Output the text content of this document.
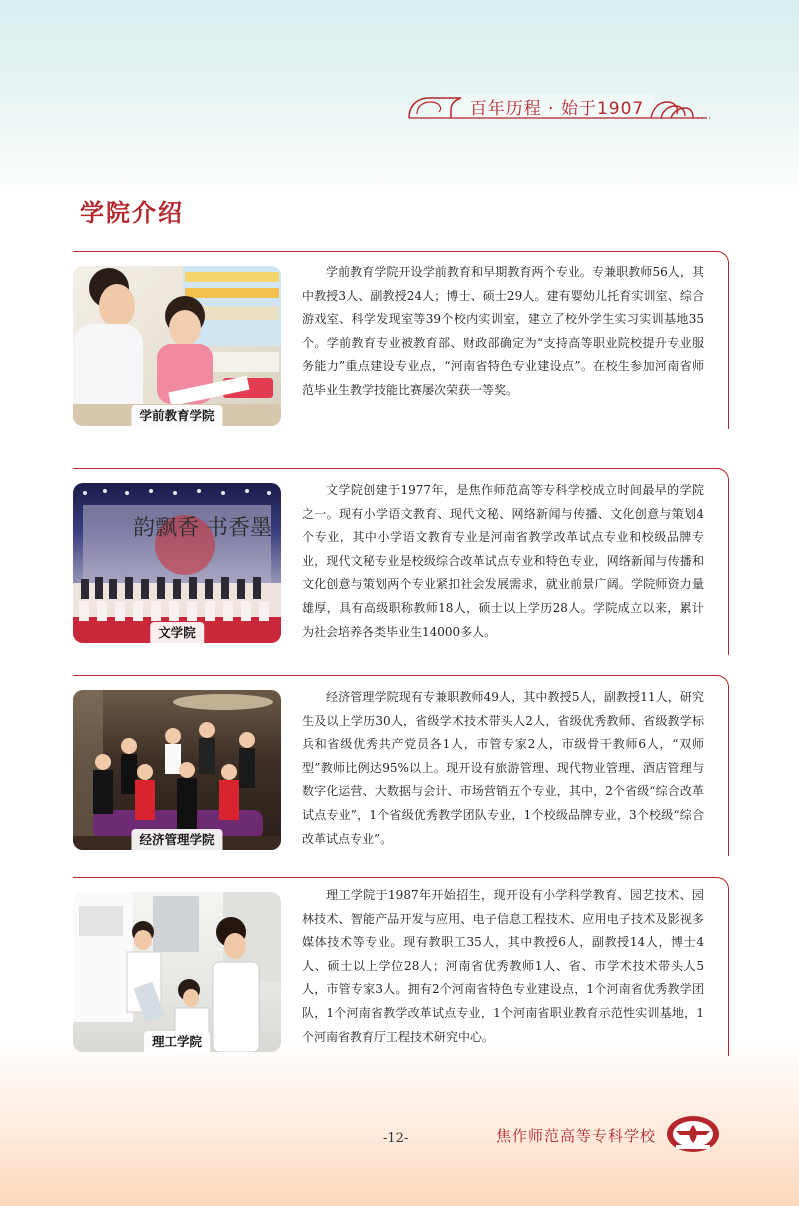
百年历程 · 始于1907
学院介绍
学前教育学院

学前教育学院开设学前教育和早期教育两个专业。专兼职教师56人，其中教授3人、副教授24人；博士、硕士29人。建有婴幼儿托育实训室、综合游戏室、科学发现室等39个校内实训室，建立了校外学生实习实训基地35个。学前教育专业被教育部、财政部确定为“支持高等职业院校提升专业服务能力”重点建设专业点，“河南省特色专业建设点”。在校生参加河南省师范毕业生教学技能比赛屡次荣获一等奖。

韵飘香 书香墨
文学院

文学院创建于1977年，是焦作师范高等专科学校成立时间最早的学院之一。现有小学语文教育、现代文秘、网络新闻与传播、文化创意与策划4个专业，其中小学语文教育专业是河南省教学改革试点专业和校级品牌专业，现代文秘专业是校级综合改革试点专业和特色专业，网络新闻与传播和文化创意与策划两个专业紧扣社会发展需求，就业前景广阔。学院师资力量雄厚，具有高级职称教师18人，硕士以上学历28人。学院成立以来，累计为社会培养各类毕业生14000多人。

经济管理学院

经济管理学院现有专兼职教师49人，其中教授5人，副教授11人，研究生及以上学历30人，省级学术技术带头人2人，省级优秀教师、省级教学标兵和省级优秀共产党员各1人，市管专家2人，市级骨干教师6人，“双师型”教师比例达95%以上。现开设有旅游管理、现代物业管理、酒店管理与数字化运营、大数据与会计、市场营销五个专业，其中，2个省级“综合改革试点专业”，1个省级优秀教学团队专业，1个校级品牌专业，3个校级“综合改革试点专业”。

理工学院

理工学院于1987年开始招生，现开设有小学科学教育、园艺技术、园林技术、智能产品开发与应用、电子信息工程技术、应用电子技术及影视多媒体技术等专业。现有教职工35人，其中教授6人，副教授14人，博士4人、硕士以上学位28人；河南省优秀教师1人、省、市学术技术带头人5人，市管专家3人。拥有2个河南省特色专业建设点，1个河南省优秀教学团队，1个河南省教学改革试点专业，1个河南省职业教育示范性实训基地，1个河南省教育厅工程技术研究中心。

-12-	焦作师范高等专科学校
